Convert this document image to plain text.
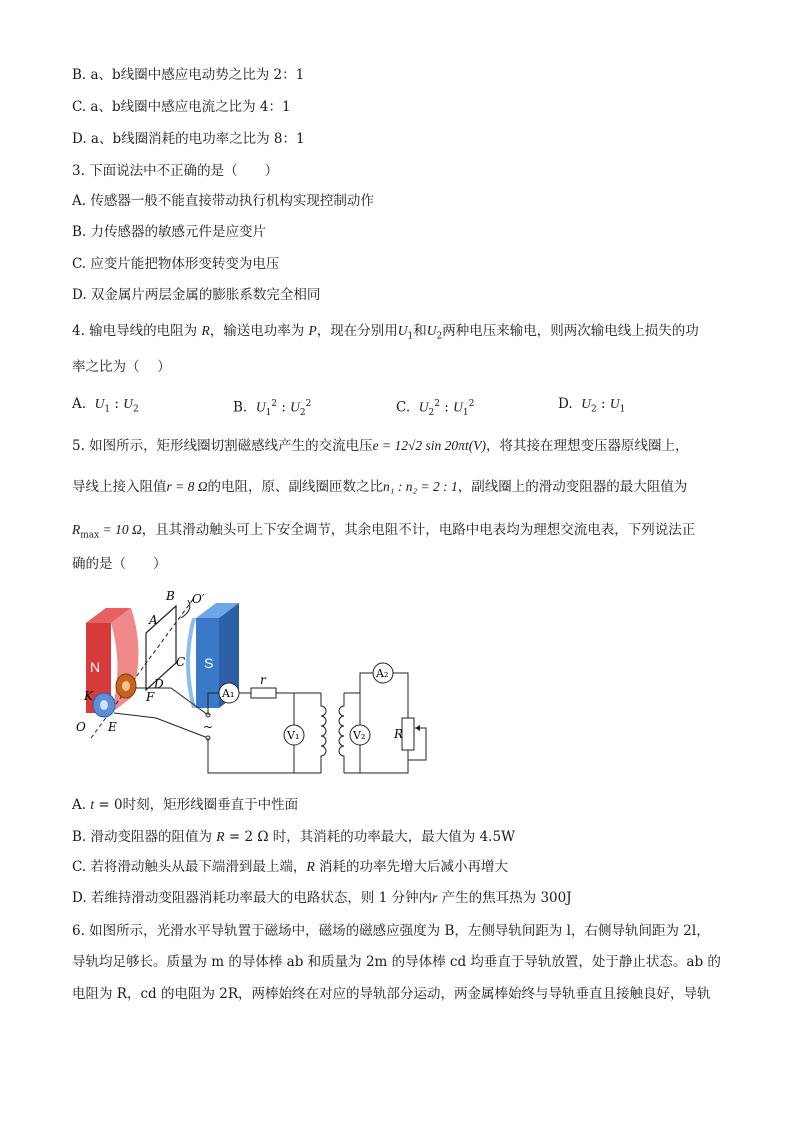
B. a、b线圈中感应电动势之比为 2：1
C. a、b线圈中感应电流之比为 4：1
D. a、b线圈消耗的电功率之比为 8：1
3. 下面说法中不正确的是（　　）
A. 传感器一般不能直接带动执行机构实现控制动作
B. 力传感器的敏感元件是应变片
C. 应变片能把物体形变转变为电压
D. 双金属片两层金属的膨胀系数完全相同
4. 输电导线的电阻为 R，输送电功率为 P，现在分别用$U_1$和$U_2$两种电压来输电，则两次输电线上损失的功
率之比为（　 ）
A. $U_1$ : $U_2$	B. $U_1^2$ : $U_2^2$	C. $U_2^2$ : $U_1^2$	D. $U_2$ : $U_1$
5. 如图所示，矩形线圈切割磁感线产生的交流电压e = 12√2 sin 20πt(V)，将其接在理想变压器原线圈上，
导线上接入阻值r = 8 Ω的电阻，原、副线圈匝数之比n₁ : n₂ = 2 : 1，副线圈上的滑动变阻器的最大阻值为
$R_{max} = 10$ Ω，且其滑动触头可上下安全调节，其余电阻不计，电路中电表均为理想交流电表，下列说法正
确的是（　　）
N	S
A
B
C
D
O′
F
K
O E	~
A₁
r
V₁
A₂
V₂ R
A. t = 0时刻，矩形线圈垂直于中性面
B. 滑动变阻器的阻值为 R = 2 Ω 时，其消耗的功率最大，最大值为 4.5W
C. 若将滑动触头从最下端滑到最上端，R 消耗的功率先增大后减小再增大
D. 若维持滑动变阻器消耗功率最大的电路状态，则 1 分钟内r 产生的焦耳热为 300J
6. 如图所示，光滑水平导轨置于磁场中，磁场的磁感应强度为 B，左侧导轨间距为 l，右侧导轨间距为 2l，
导轨均足够长。质量为 m 的导体棒 ab 和质量为 2m 的导体棒 cd 均垂直于导轨放置，处于静止状态。ab 的
电阻为 R，cd 的电阻为 2R，两棒始终在对应的导轨部分运动，两金属棒始终与导轨垂直且接触良好，导轨
